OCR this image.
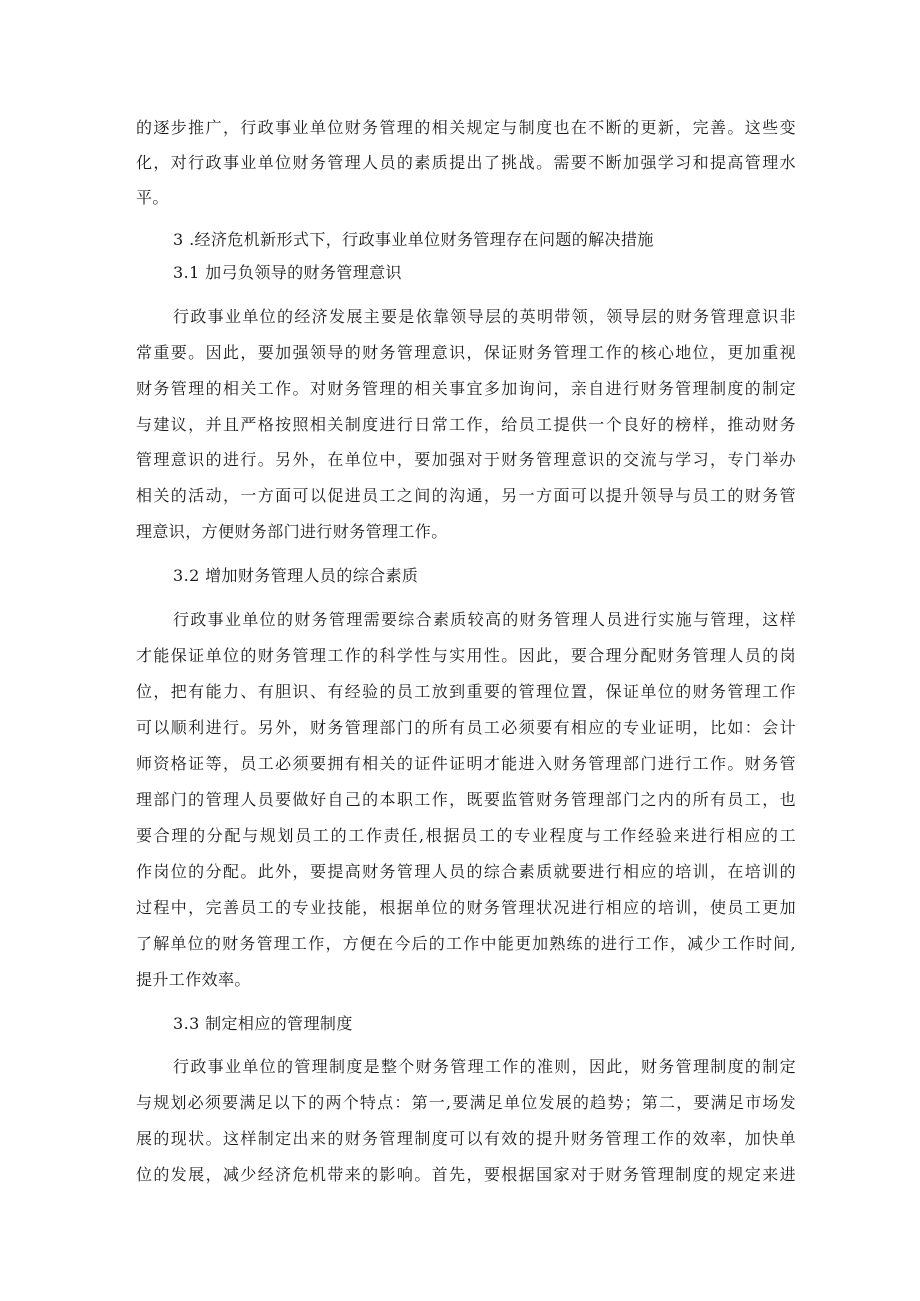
的逐步推广，行政事业单位财务管理的相关规定与制度也在不断的更新，完善。这些变
化，对行政事业单位财务管理人员的素质提出了挑战。需要不断加强学习和提高管理水
平。
3 .经济危机新形式下，行政事业单位财务管理存在问题的解决措施
3.1 加弓负领导的财务管理意识
行政事业单位的经济发展主要是依靠领导层的英明带领，领导层的财务管理意识非
常重要。因此，要加强领导的财务管理意识，保证财务管理工作的核心地位，更加重视
财务管理的相关工作。对财务管理的相关事宜多加询问，亲自进行财务管理制度的制定
与建议，并且严格按照相关制度进行日常工作，给员工提供一个良好的榜样，推动财务
管理意识的进行。另外，在单位中，要加强对于财务管理意识的交流与学习，专门举办
相关的活动，一方面可以促进员工之间的沟通，另一方面可以提升领导与员工的财务管
理意识，方便财务部门进行财务管理工作。
3.2 增加财务管理人员的综合素质
行政事业单位的财务管理需要综合素质较高的财务管理人员进行实施与管理，这样
才能保证单位的财务管理工作的科学性与实用性。因此，要合理分配财务管理人员的岗
位，把有能力、有胆识、有经验的员工放到重要的管理位置，保证单位的财务管理工作
可以顺利进行。另外，财务管理部门的所有员工必须要有相应的专业证明，比如：会计
师资格证等，员工必须要拥有相关的证件证明才能进入财务管理部门进行工作。财务管
理部门的管理人员要做好自己的本职工作，既要监管财务管理部门之内的所有员工，也
要合理的分配与规划员工的工作责任,根据员工的专业程度与工作经验来进行相应的工
作岗位的分配。此外，要提高财务管理人员的综合素质就要进行相应的培训，在培训的
过程中，完善员工的专业技能，根据单位的财务管理状况进行相应的培训，使员工更加
了解单位的财务管理工作，方便在今后的工作中能更加熟练的进行工作，减少工作时间,
提升工作效率。
3.3 制定相应的管理制度
行政事业单位的管理制度是整个财务管理工作的准则，因此，财务管理制度的制定
与规划必须要满足以下的两个特点：第一,要满足单位发展的趋势；第二，要满足市场发
展的现状。这样制定出来的财务管理制度可以有效的提升财务管理工作的效率，加快单
位的发展，减少经济危机带来的影响。首先，要根据国家对于财务管理制度的规定来进
